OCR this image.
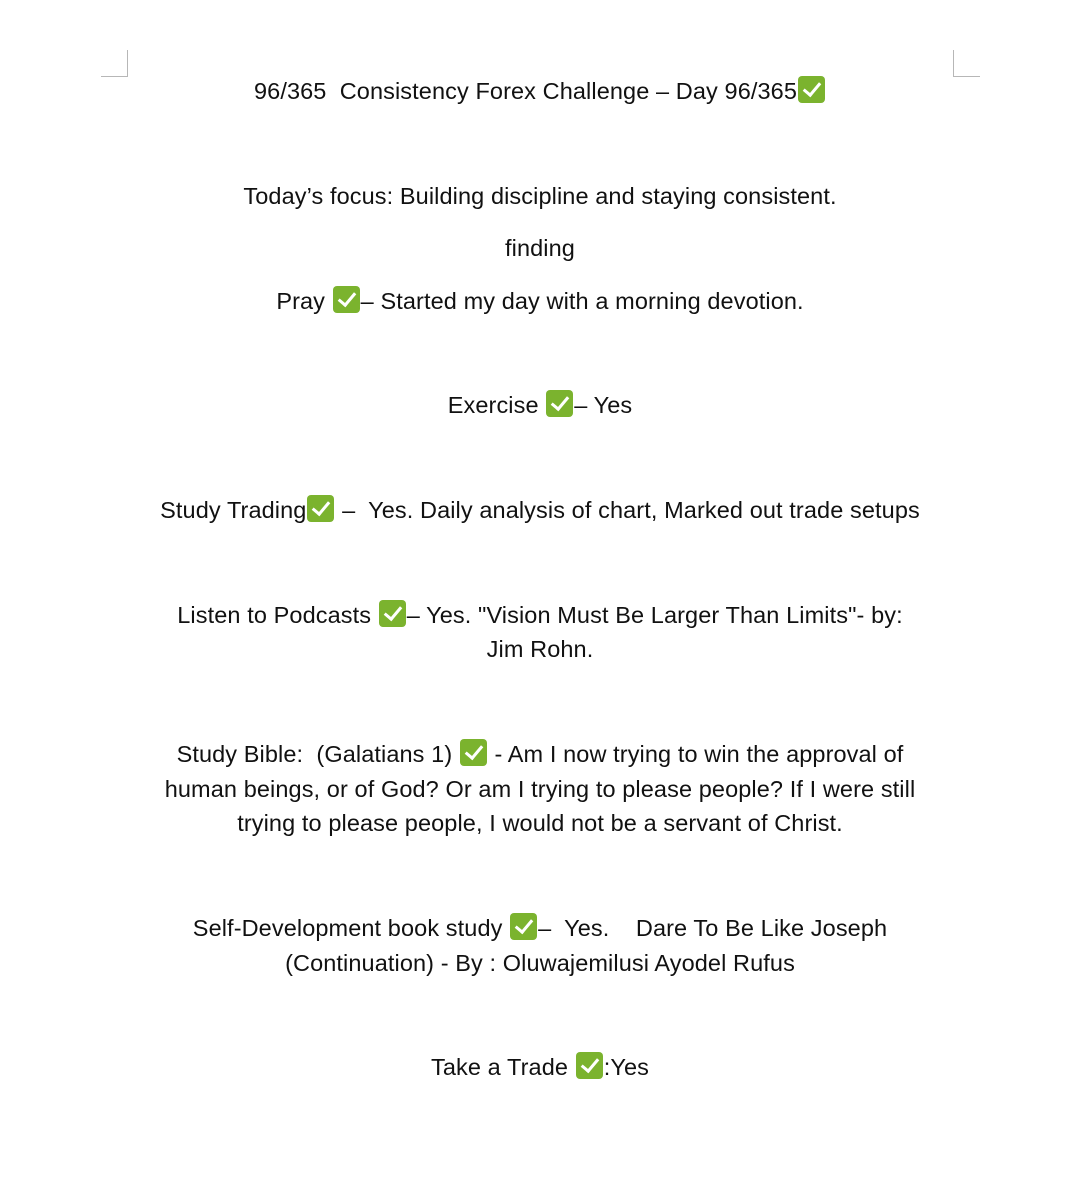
96/365  Consistency Forex Challenge – Day 96/365
Today’s focus: Building discipline and staying consistent.
finding
Pray – Started my day with a morning devotion.
Exercise – Yes
Study Trading –  Yes. Daily analysis of chart, Marked out trade setups
Listen to Podcasts – Yes. "Vision Must Be Larger Than Limits"- by:
Jim Rohn.
Study Bible:  (Galatians 1)  - Am I now trying to win the approval of
human beings, or of God? Or am I trying to please people? If I were still
trying to please people, I would not be a servant of Christ.
Self-Development book study –  Yes.    Dare To Be Like Joseph
(Continuation) - By : Oluwajemilusi Ayodel Rufus
Take a Trade :Yes
